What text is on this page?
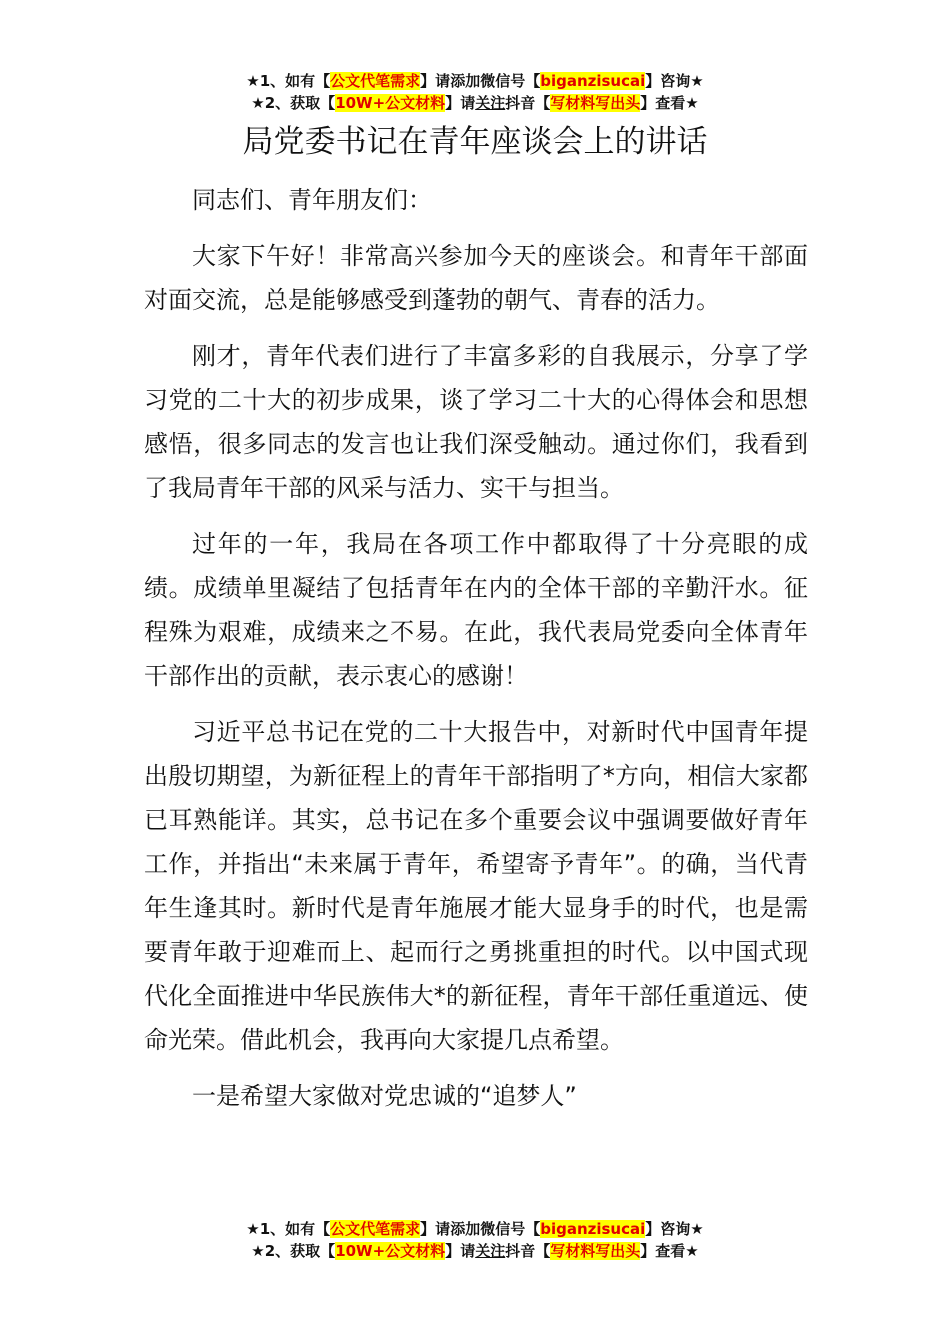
★1、如有【公文代笔需求】请添加微信号【biganzisucai】咨询★
★2、获取【10W+公文材料】请关注抖音【写材料写出头】查看★
局党委书记在青年座谈会上的讲话

同志们、青年朋友们：

大家下午好！非常高兴参加今天的座谈会。和青年干部面对面交流，总是能够感受到蓬勃的朝气、青春的活力。

刚才，青年代表们进行了丰富多彩的自我展示，分享了学习党的二十大的初步成果，谈了学习二十大的心得体会和思想感悟，很多同志的发言也让我们深受触动。通过你们，我看到了我局青年干部的风采与活力、实干与担当。

过年的一年，我局在各项工作中都取得了十分亮眼的成绩。成绩单里凝结了包括青年在内的全体干部的辛勤汗水。征程殊为艰难，成绩来之不易。在此，我代表局党委向全体青年干部作出的贡献，表示衷心的感谢！

习近平总书记在党的二十大报告中，对新时代中国青年提出殷切期望，为新征程上的青年干部指明了*方向，相信大家都已耳熟能详。其实，总书记在多个重要会议中强调要做好青年工作，并指出“未来属于青年，希望寄予青年”。的确，当代青年生逢其时。新时代是青年施展才能大显身手的时代，也是需要青年敢于迎难而上、起而行之勇挑重担的时代。以中国式现代化全面推进中华民族伟大*的新征程，青年干部任重道远、使命光荣。借此机会，我再向大家提几点希望。

一是希望大家做对党忠诚的“追梦人”

★1、如有【公文代笔需求】请添加微信号【biganzisucai】咨询★
★2、获取【10W+公文材料】请关注抖音【写材料写出头】查看★
